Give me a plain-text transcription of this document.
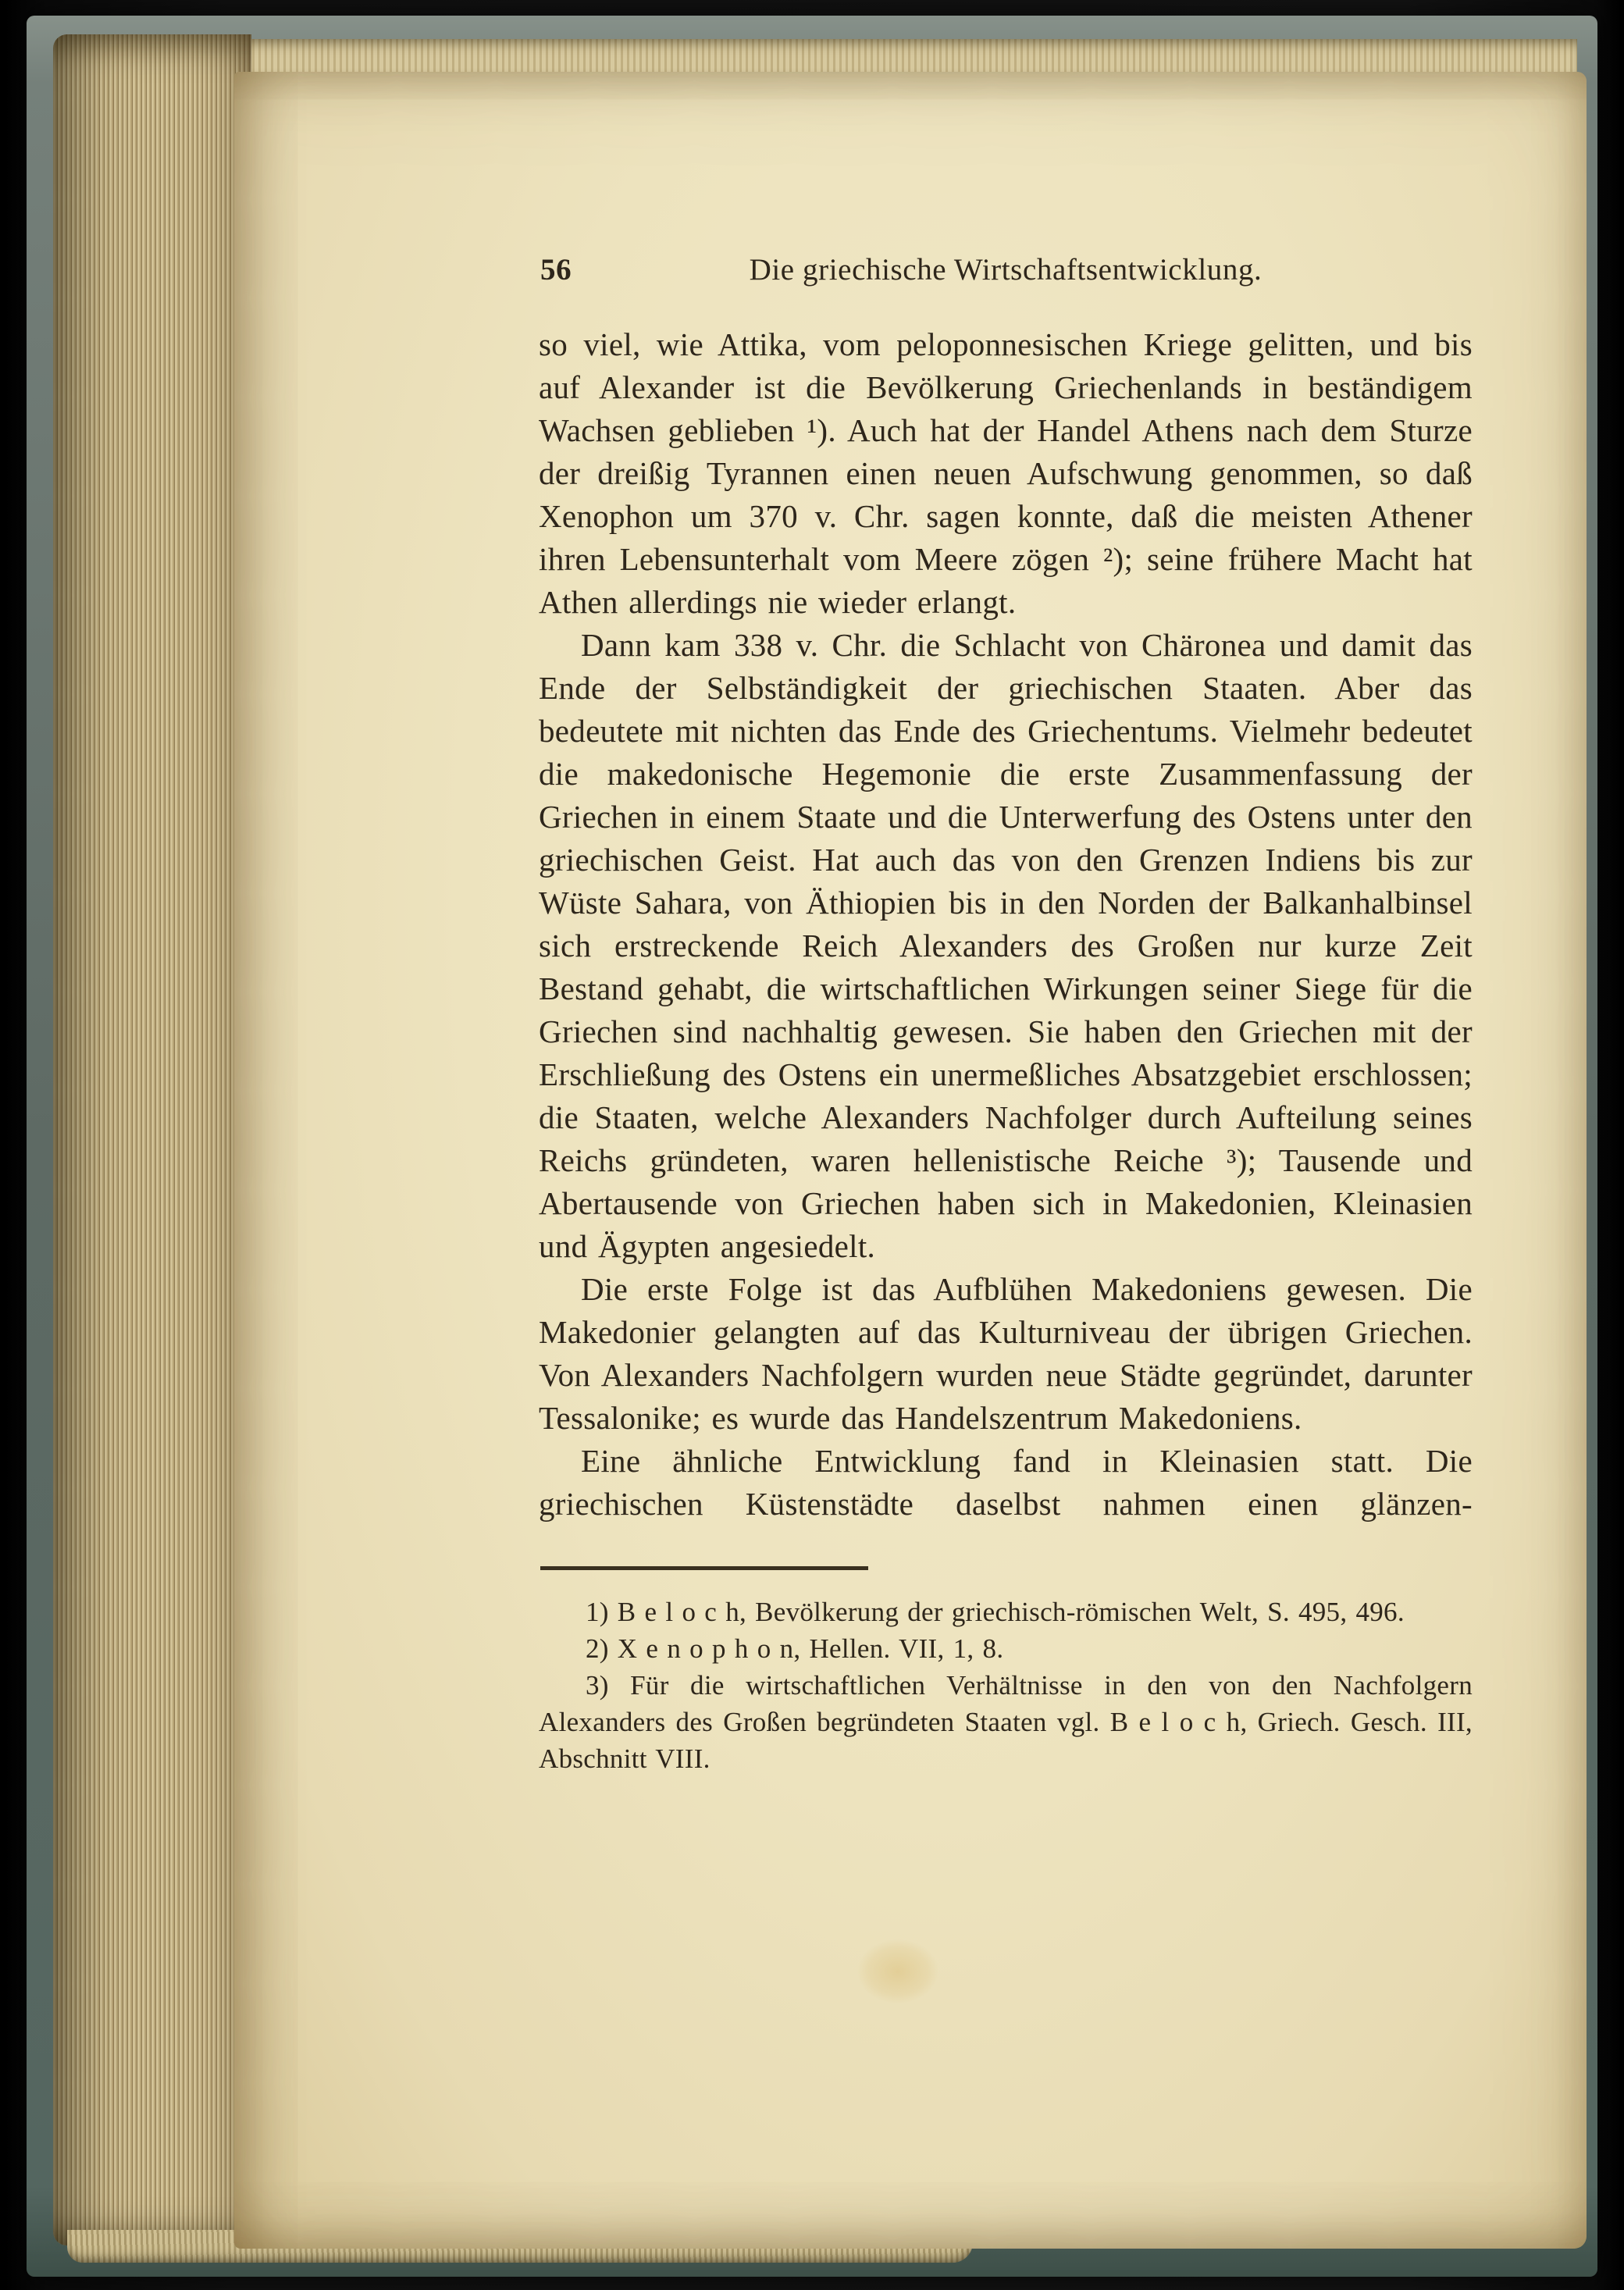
56	Die griechische Wirtschaftsentwicklung.

so viel, wie Attika, vom peloponnesischen Kriege gelitten, und bis auf Alexander ist die Bevölkerung Griechenlands in beständigem Wachsen geblieben ¹). Auch hat der Handel Athens nach dem Sturze der dreißig Tyrannen einen neuen Aufschwung genommen, so daß Xenophon um 370 v. Chr. sagen konnte, daß die meisten Athener ihren Lebensunterhalt vom Meere zögen ²); seine frühere Macht hat Athen allerdings nie wieder erlangt.

Dann kam 338 v. Chr. die Schlacht von Chäronea und damit das Ende der Selbständigkeit der griechischen Staaten. Aber das bedeutete mit nichten das Ende des Griechentums. Vielmehr bedeutet die makedonische Hegemonie die erste Zusammenfassung der Griechen in einem Staate und die Unterwerfung des Ostens unter den griechischen Geist. Hat auch das von den Grenzen Indiens bis zur Wüste Sahara, von Äthiopien bis in den Norden der Balkanhalbinsel sich erstreckende Reich Alexanders des Großen nur kurze Zeit Bestand gehabt, die wirtschaftlichen Wirkungen seiner Siege für die Griechen sind nachhaltig gewesen. Sie haben den Griechen mit der Erschließung des Ostens ein unermeßliches Absatzgebiet erschlossen; die Staaten, welche Alexanders Nachfolger durch Aufteilung seines Reichs gründeten, waren hellenistische Reiche ³); Tausende und Abertausende von Griechen haben sich in Makedonien, Kleinasien und Ägypten angesiedelt.

Die erste Folge ist das Aufblühen Makedoniens gewesen. Die Makedonier gelangten auf das Kulturniveau der übrigen Griechen. Von Alexanders Nachfolgern wurden neue Städte gegründet, darunter Tessalonike; es wurde das Handelszentrum Makedoniens.

Eine ähnliche Entwicklung fand in Kleinasien statt. Die griechischen Küstenstädte daselbst nahmen einen glänzen-

1) B e l o c h, Bevölkerung der griechisch-römischen Welt, S. 495, 496.

2) X e n o p h o n, Hellen. VII, 1, 8.

3) Für die wirtschaftlichen Verhältnisse in den von den Nachfolgern Alexanders des Großen begründeten Staaten vgl. B e l o c h, Griech. Gesch. III, Abschnitt VIII.
